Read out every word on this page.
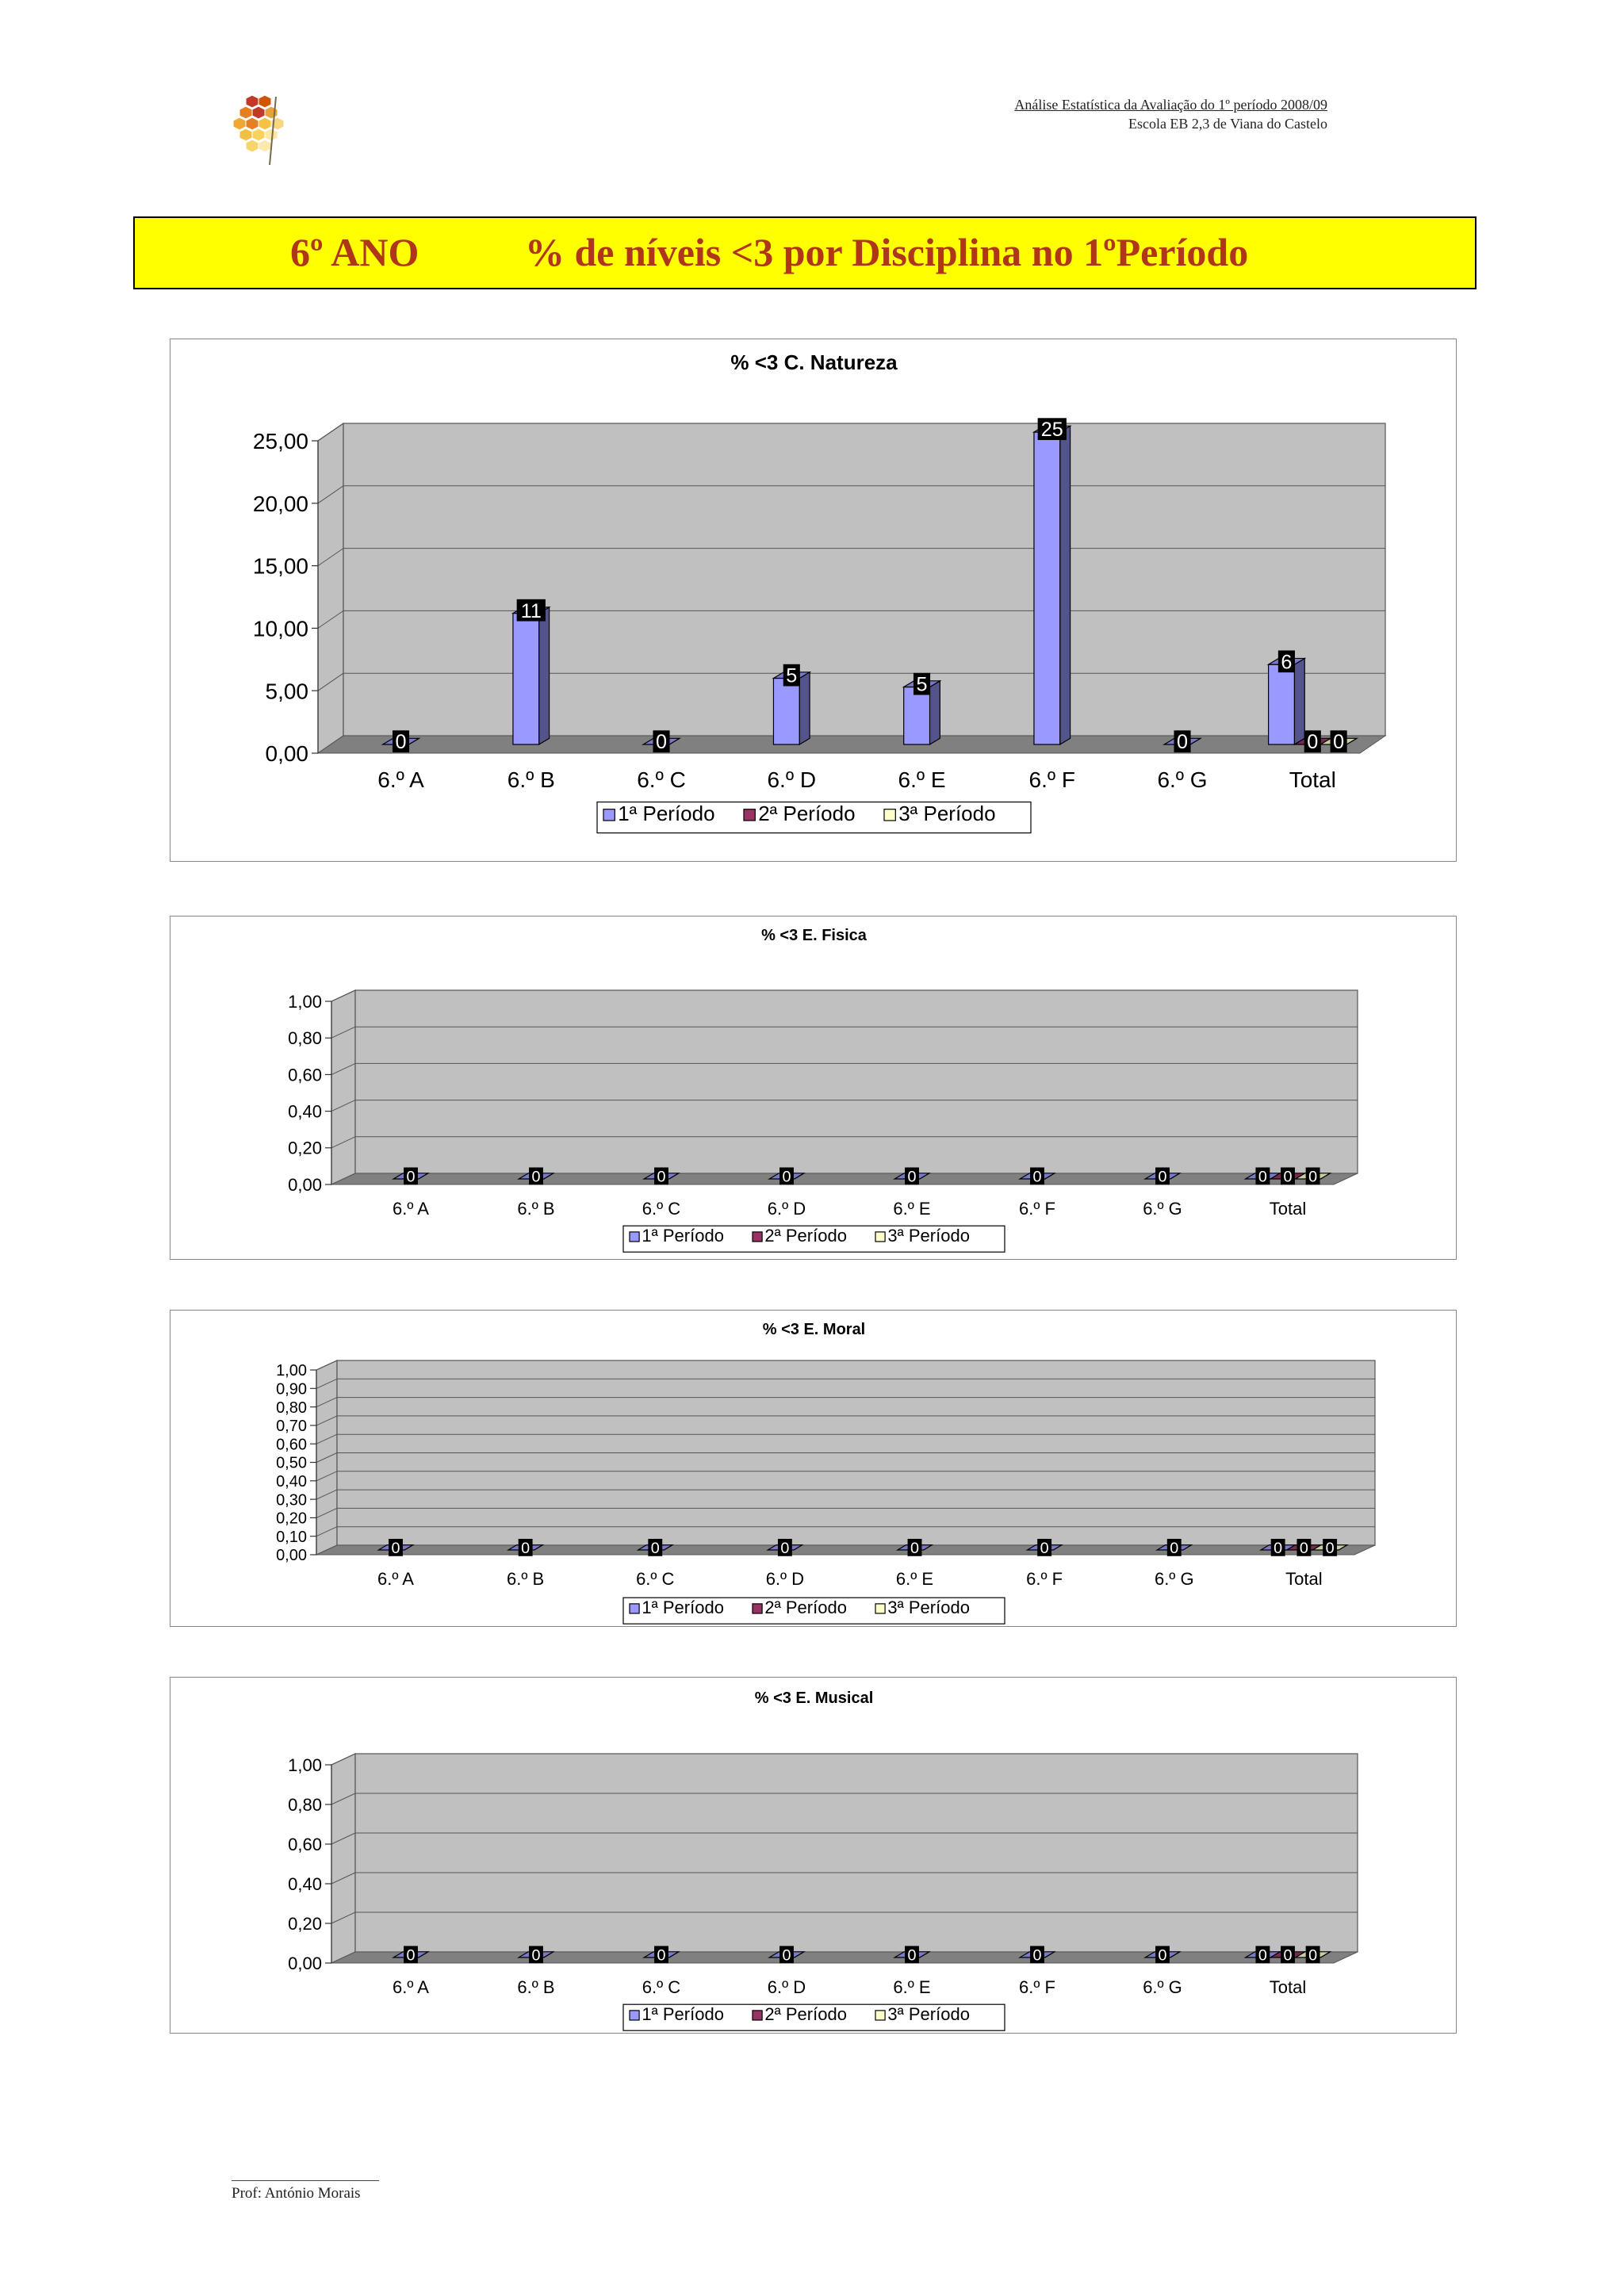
Análise Estatística da Avaliação do 1º período 2008/09
Escola EB 2,3 de Viana do Castelo
6º ANO	% de níveis <3 por Disciplina no 1ºPeríodo
% <3 C. Natureza
0,00
5,00
10,00
15,00
20,00
25,00
0
6.º A
11
6.º B
0
6.º C
5
6.º D
5
6.º E
25
6.º F
0
6.º G
6
0 0
Total
1ª Período 2ª Período 3ª Período
% <3 E. Fisica
0,00
0,20
0,40
0,60
0,80
1,00
0
6.º A
0
6.º B
0
6.º C
0
6.º D
0
6.º E
0
6.º F
0
6.º G
0 0 0
Total
1ª Período 2ª Período 3ª Período
% <3 E. Moral
0,00
0,10
0,20
0,30
0,40
0,50
0,60
0,70
0,80
0,90
1,00
0
6.º A
0
6.º B
0
6.º C
0
6.º D
0
6.º E
0
6.º F
0
6.º G
0 0 0
Total
1ª Período 2ª Período 3ª Período
% <3 E. Musical
0,00
0,20
0,40
0,60
0,80
1,00
0
6.º A
0
6.º B
0
6.º C
0
6.º D
0
6.º E
0
6.º F
0
6.º G
0 0 0
Total
1ª Período 2ª Período 3ª Período
Prof: António Morais
